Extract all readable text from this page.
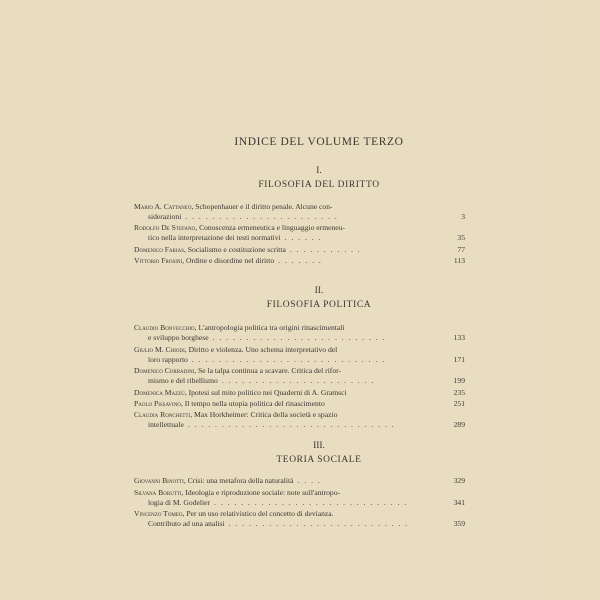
INDICE DEL VOLUME TERZO
I.
FILOSOFIA DEL DIRITTO
Mario A. Cattaneo, Schopenhauer e il diritto penale. Alcune con-
siderazioni . . . . . . . . . . . . . . . . . . . . . . .	3
Rodolfo De Stefano, Conoscenza ermeneutica e linguaggio ermeneu-
tico nella interpretazione dei testi normativi . . . . . .	35
Domenico Farias, Socialismo e costituzione scritta . . . . . . . . . . .	77
Vittorio Frosini, Ordine e disordine nel diritto . . . . . . .	113
II.
FILOSOFIA POLITICA
Claudio Bonvecchio, L'antropologia politica tra origini rinascimentali
e sviluppo borghese . . . . . . . . . . . . . . . . . . . . . . . . . .	133
Giulio M. Chiodi, Diritto e violenza. Uno schema interpretativo del
loro rapporto . . . . . . . . . . . . . . . . . . . . . . . . . . . . .	171
Domenico Corradini, Se la talpa continua a scavare. Critica del rifor-
mismo e del ribellismo . . . . . . . . . . . . . . . . . . . . . . .	199
Domenica Mazzù, Ipotesi sul mito politico nei Quaderni di A. Gramsci	235
Paolo Pissavino, Il tempo nella utopia politica del rinascimento	251
Claudia Ronchetti, Max Horkheimer: Critica della società e spazio
intellettuale . . . . . . . . . . . . . . . . . . . . . . . . . . . . . . .	289
III.
TEORIA SOCIALE
Giovanni Binotti, Crisi: una metafora della naturalità . . . .	329
Silvana Borutti, Ideologia e riproduzione sociale: note sull'antropo-
logia di M. Godelier . . . . . . . . . . . . . . . . . . . . . . . . . . . . .	341
Vincenzo Tomeo, Per un uso relativistico del concetto di devianza.
Contributo ad una analisi . . . . . . . . . . . . . . . . . . . . . . . . . . .	359
